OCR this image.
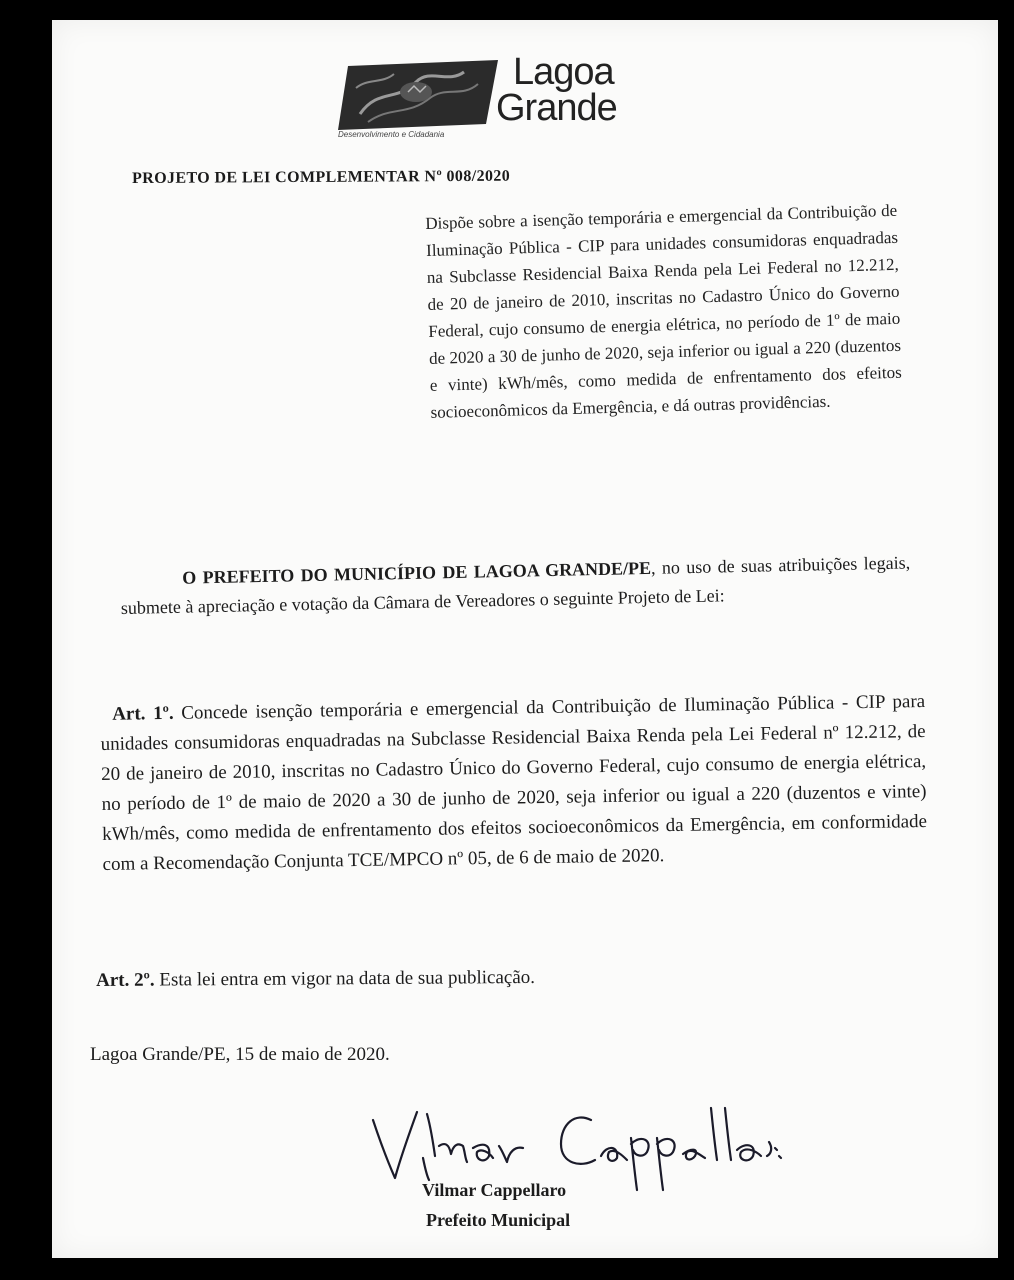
Lagoa
Grande
Desenvolvimento e Cidadania
PROJETO DE LEI COMPLEMENTAR Nº 008/2020
Dispõe sobre a isenção temporária e emergencial da Contribuição de Iluminação Pública - CIP para unidades consumidoras enquadradas na Subclasse Residencial Baixa Renda pela Lei Federal no 12.212, de 20 de janeiro de 2010, inscritas no Cadastro Único do Governo Federal, cujo consumo de energia elétrica, no período de 1º de maio de 2020 a 30 de junho de 2020, seja inferior ou igual a 220 (duzentos e vinte) kWh/mês, como medida de enfrentamento dos efeitos socioeconômicos da Emergência, e dá outras providências.
O PREFEITO DO MUNICÍPIO DE LAGOA GRANDE/PE, no uso de suas atribuições legais, submete à apreciação e votação da Câmara de Vereadores o seguinte Projeto de Lei:
Art. 1º. Concede isenção temporária e emergencial da Contribuição de Iluminação Pública - CIP para unidades consumidoras enquadradas na Subclasse Residencial Baixa Renda pela Lei Federal nº 12.212, de 20 de janeiro de 2010, inscritas no Cadastro Único do Governo Federal, cujo consumo de energia elétrica, no período de 1º de maio de 2020 a 30 de junho de 2020, seja inferior ou igual a 220 (duzentos e vinte) kWh/mês, como medida de enfrentamento dos efeitos socioeconômicos da Emergência, em conformidade com a Recomendação Conjunta TCE/MPCO nº 05, de 6 de maio de 2020.
Art. 2º. Esta lei entra em vigor na data de sua publicação.
Lagoa Grande/PE, 15 de maio de 2020.
Vilmar Cappellaro
Prefeito Municipal
